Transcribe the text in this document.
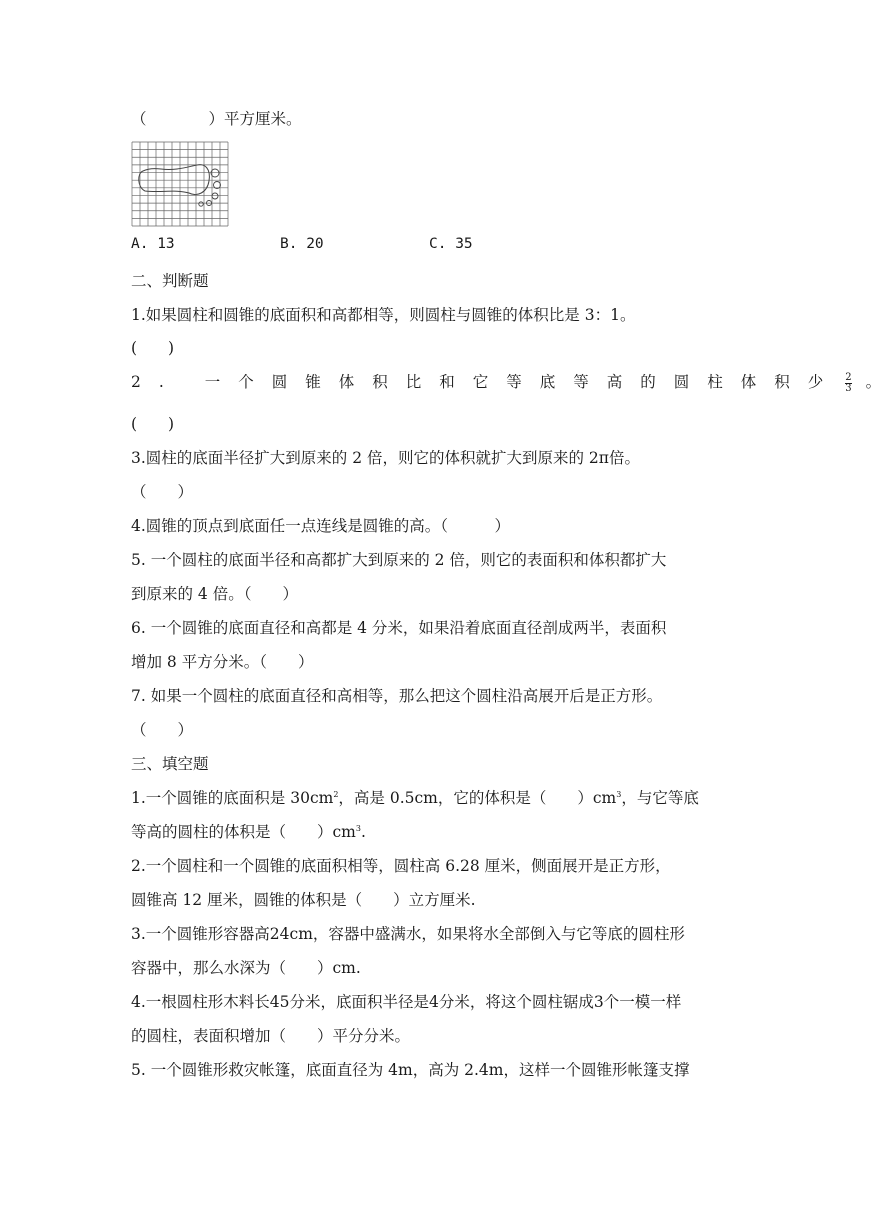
（　　　　）平方厘米。
A. 13	B. 20	C. 35
二、判断题
1.如果圆柱和圆锥的底面积和高都相等，则圆柱与圆锥的体积比是 3：1。
(　　)
2. 一个圆锥体积比和它等底等高的圆柱体积少 $\frac{2}{3}$ 。
(　　)
3.圆柱的底面半径扩大到原来的 2 倍，则它的体积就扩大到原来的 2π倍。
（　　）
4.圆锥的顶点到底面任一点连线是圆锥的高。（　　　）
5. 一个圆柱的底面半径和高都扩大到原来的 2 倍，则它的表面积和体积都扩大
到原来的 4 倍。（　　）
6. 一个圆锥的底面直径和高都是 4 分米，如果沿着底面直径剖成两半，表面积
增加 8 平方分米。（　　）
7. 如果一个圆柱的底面直径和高相等，那么把这个圆柱沿高展开后是正方形。
（　　）
三、填空题
1.一个圆锥的底面积是 $30cm^2$，高是 0.5cm，它的体积是（　　）$cm^3$，与它等底
等高的圆柱的体积是（　　）$cm^3$.
2.一个圆柱和一个圆锥的底面积相等，圆柱高 6.28 厘米，侧面展开是正方形，
圆锥高 12 厘米，圆锥的体积是（　　）立方厘米.
3.一个圆锥形容器高24cm，容器中盛满水，如果将水全部倒入与它等底的圆柱形
容器中，那么水深为（　　）cm.
4.一根圆柱形木料长45分米，底面积半径是4分米，将这个圆柱锯成3个一模一样
的圆柱，表面积增加（　　）平分分米。
5. 一个圆锥形救灾帐篷，底面直径为 4m，高为 2.4m，这样一个圆锥形帐篷支撑
